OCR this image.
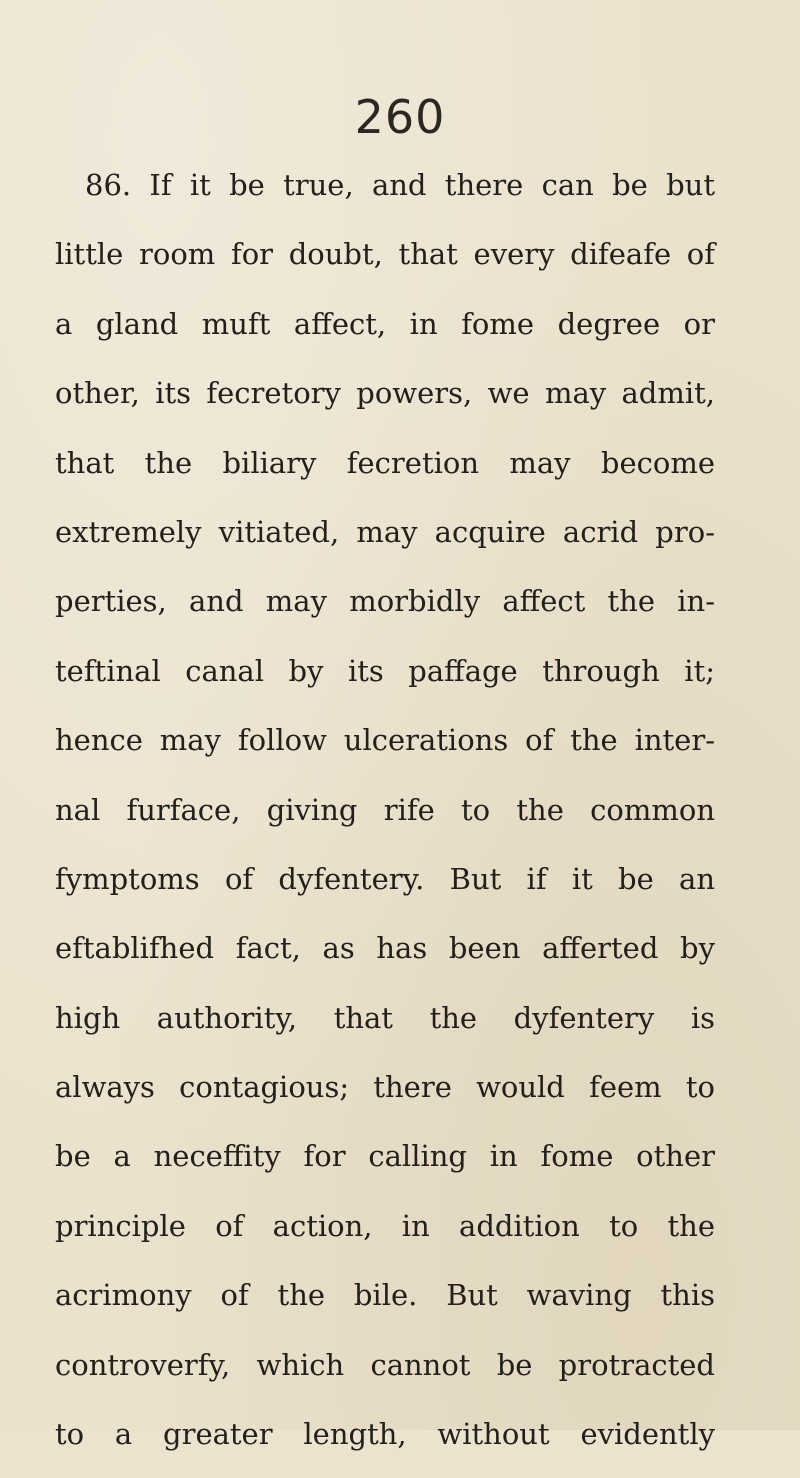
260
86. If it be true, and there can be but
little room for doubt, that every difeafe of
a gland muft affect, in fome degree or
other, its fecretory powers, we may admit,
that the biliary fecretion may become
extremely vitiated, may acquire acrid pro-
perties, and may morbidly affect the in-
teftinal canal by its paffage through it;
hence may follow ulcerations of the inter-
nal furface, giving rife to the common
fymptoms of dyfentery. But if it be an
eftablifhed fact, as has been afferted by
high authority, that the dyfentery is
always contagious; there would feem to
be a neceffity for calling in fome other
principle of action, in addition to the
acrimony of the bile. But waving this
controverfy, which cannot be protracted
to a greater length, without evidently
